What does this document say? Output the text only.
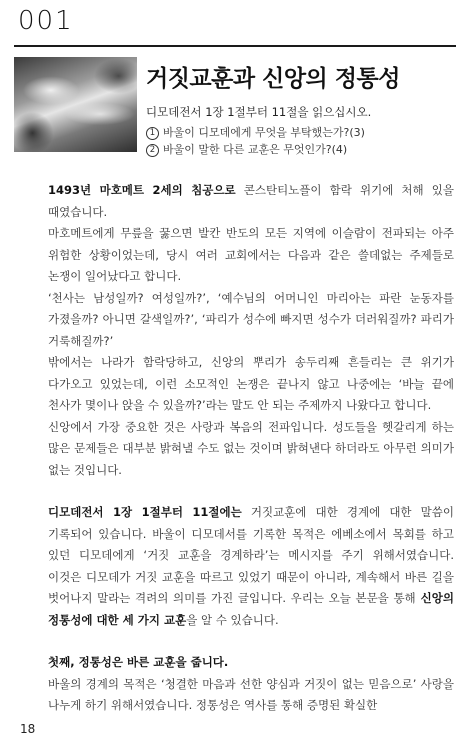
001
거짓교훈과 신앙의 정통성

디모데전서 1장 1절부터 11절을 읽으십시오.

1 바울이 디모데에게 무엇을 부탁했는가?(3)
2 바울이 말한 다른 교훈은 무엇인가?(4)

1493년 마호메트 2세의 침공으로 콘스탄티노플이 함락 위기에 처해 있을 때였습니다.

마호메트에게 무릎을 꿇으면 발칸 반도의 모든 지역에 이슬람이 전파되는 아주 위험한 상황이었는데, 당시 여러 교회에서는 다음과 같은 쓸데없는 주제들로 논쟁이 일어났다고 합니다.

‘천사는 남성일까? 여성일까?’, ‘예수님의 어머니인 마리아는 파란 눈동자를 가졌을까? 아니면 갈색일까?’, ‘파리가 성수에 빠지면 성수가 더러워질까? 파리가 거룩해질까?’

밖에서는 나라가 함락당하고, 신앙의 뿌리가 송두리째 흔들리는 큰 위기가 다가오고 있었는데, 이런 소모적인 논쟁은 끝나지 않고 나중에는 ‘바늘 끝에 천사가 몇이나 앉을 수 있을까?’라는 말도 안 되는 주제까지 나왔다고 합니다.

신앙에서 가장 중요한 것은 사랑과 복음의 전파입니다. 성도들을 헷갈리게 하는 많은 문제들은 대부분 밝혀낼 수도 없는 것이며 밝혀낸다 하더라도 아무런 의미가 없는 것입니다.

디모데전서 1장 1절부터 11절에는 거짓교훈에 대한 경계에 대한 말씀이 기록되어 있습니다. 바울이 디모데서를 기록한 목적은 에베소에서 목회를 하고 있던 디모데에게 ‘거짓 교훈을 경계하라’는 메시지를 주기 위해서였습니다. 이것은 디모데가 거짓 교훈을 따르고 있었기 때문이 아니라, 계속해서 바른 길을 벗어나지 말라는 격려의 의미를 가진 글입니다. 우리는 오늘 본문을 통해 신앙의 정통성에 대한 세 가지 교훈을 알 수 있습니다.

첫째, 정통성은 바른 교훈을 줍니다.

바울의 경계의 목적은 ‘청결한 마음과 선한 양심과 거짓이 없는 믿음으로’ 사랑을 나누게 하기 위해서였습니다. 정통성은 역사를 통해 증명된 확실한

18
